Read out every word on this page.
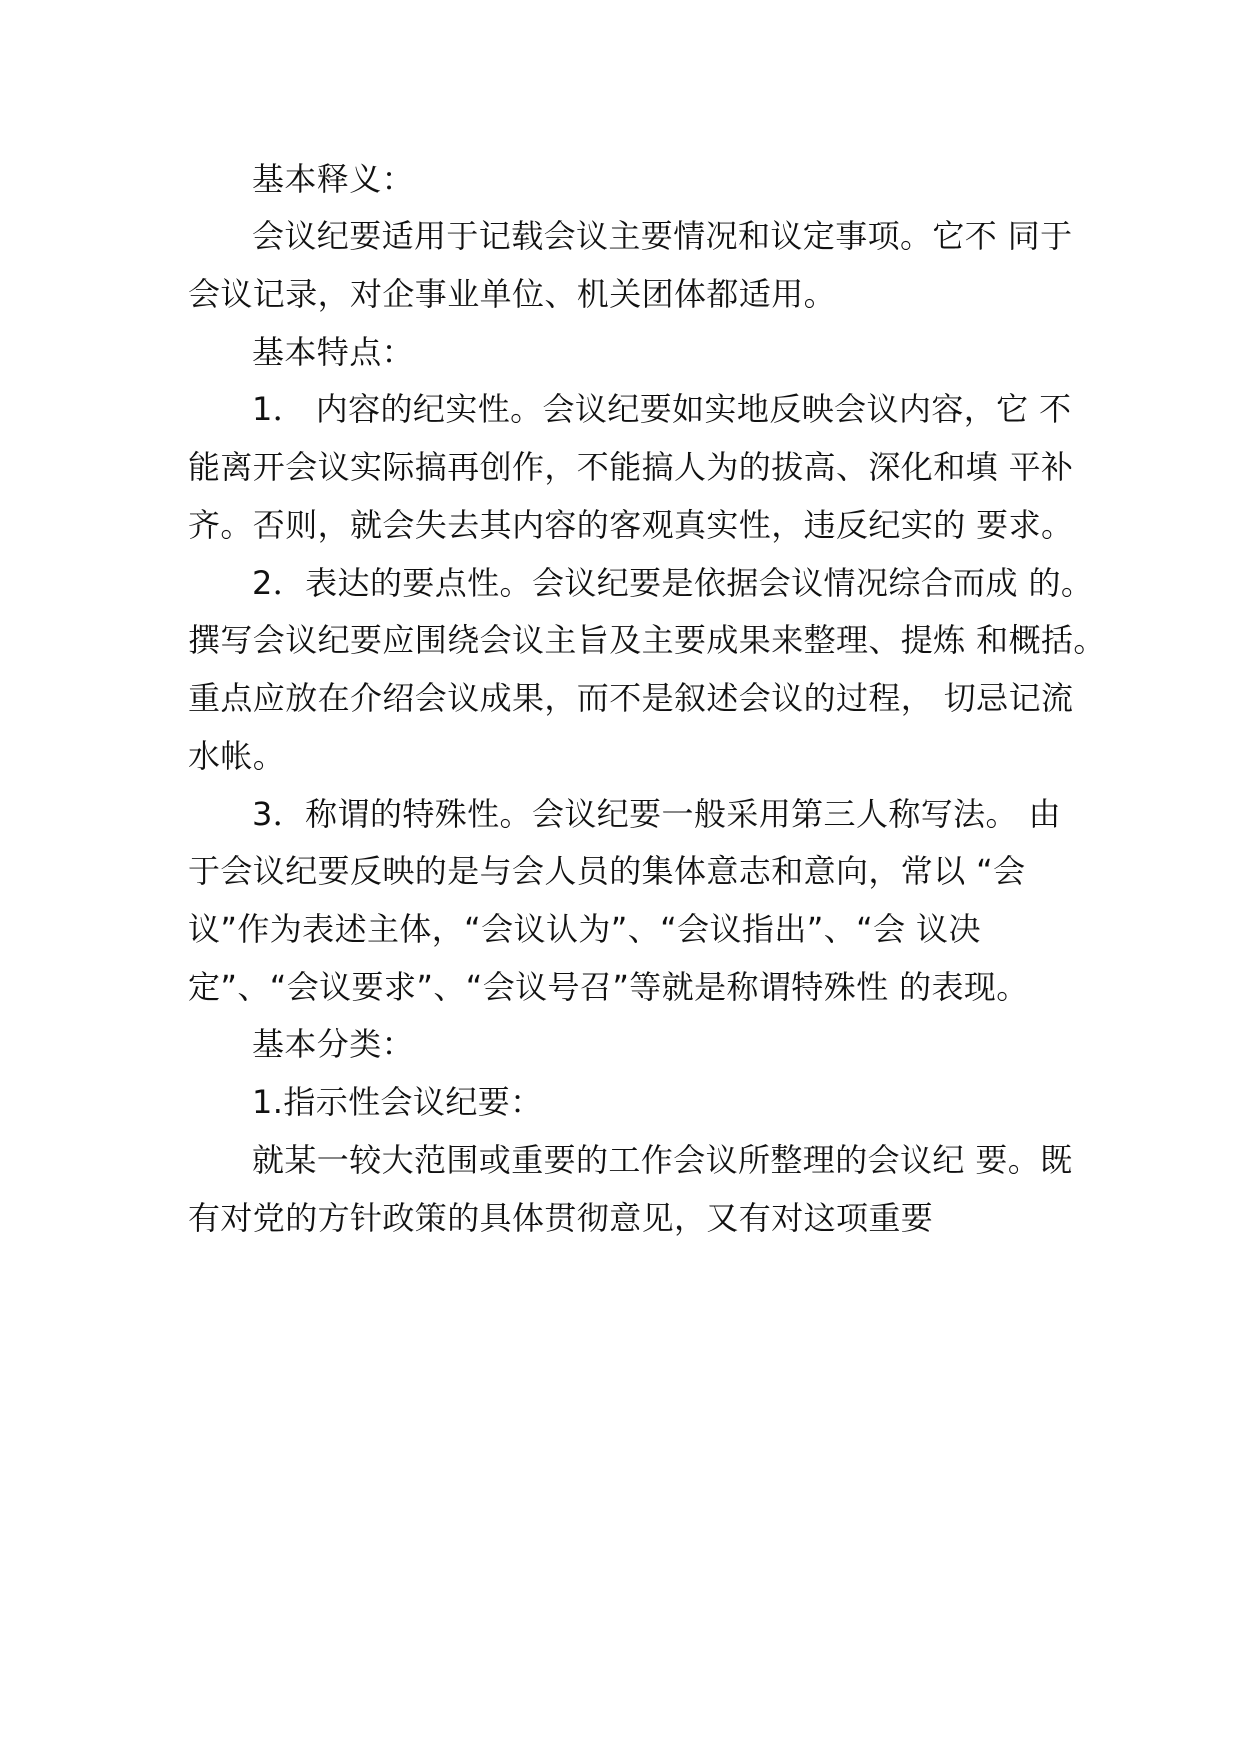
基本释义：
会议纪要适用于记载会议主要情况和议定事项。它不 同于
会议记录，对企事业单位、机关团体都适用。
基本特点：
1． 内容的纪实性。会议纪要如实地反映会议内容，它 不
能离开会议实际搞再创作，不能搞人为的拔高、深化和填 平补
齐。否则，就会失去其内容的客观真实性，违反纪实的 要求。
2．表达的要点性。会议纪要是依据会议情况综合而成 的。
撰写会议纪要应围绕会议主旨及主要成果来整理、提炼 和概括。
重点应放在介绍会议成果，而不是叙述会议的过程， 切忌记流
水帐。
3．称谓的特殊性。会议纪要一般采用第三人称写法。 由
于会议纪要反映的是与会人员的集体意志和意向，常以 “会
议”作为表述主体，“会议认为”、“会议指出”、“会 议决
定”、“会议要求”、“会议号召”等就是称谓特殊性 的表现。
基本分类：
1.指示性会议纪要：
就某一较大范围或重要的工作会议所整理的会议纪 要。既
有对党的方针政策的具体贯彻意见，又有对这项重要
